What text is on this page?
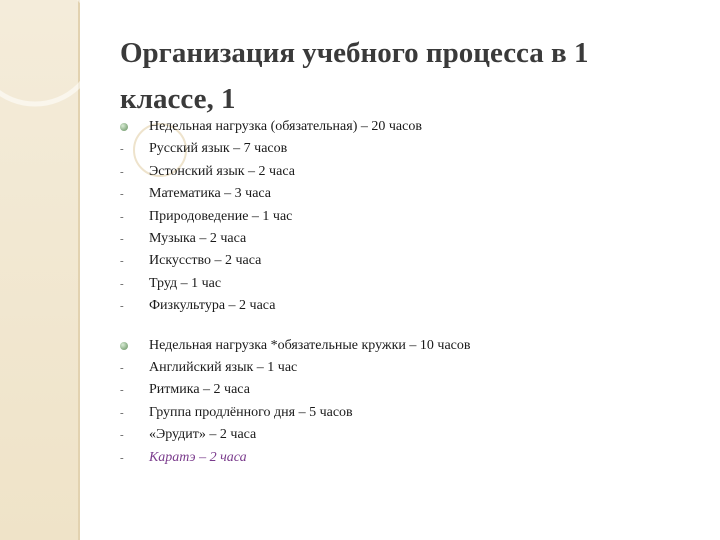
Организация учебного процесса в 1 классе, 1
Недельная нагрузка (обязательная) – 20 часов
-	Русский язык – 7 часов
-	Эстонский язык – 2 часа
-	Математика – 3 часа
-	Природоведение – 1 час
-	Музыка – 2 часа
-	Искусство – 2 часа
-	Труд – 1 час
-	Физкультура – 2 часа
Недельная нагрузка *обязательные кружки – 10 часов
-	Английский язык – 1 час
-	Ритмика – 2 часа
-	Группа продлённого дня – 5 часов
-	«Эрудит» – 2 часа
-	Каратэ – 2 часа
